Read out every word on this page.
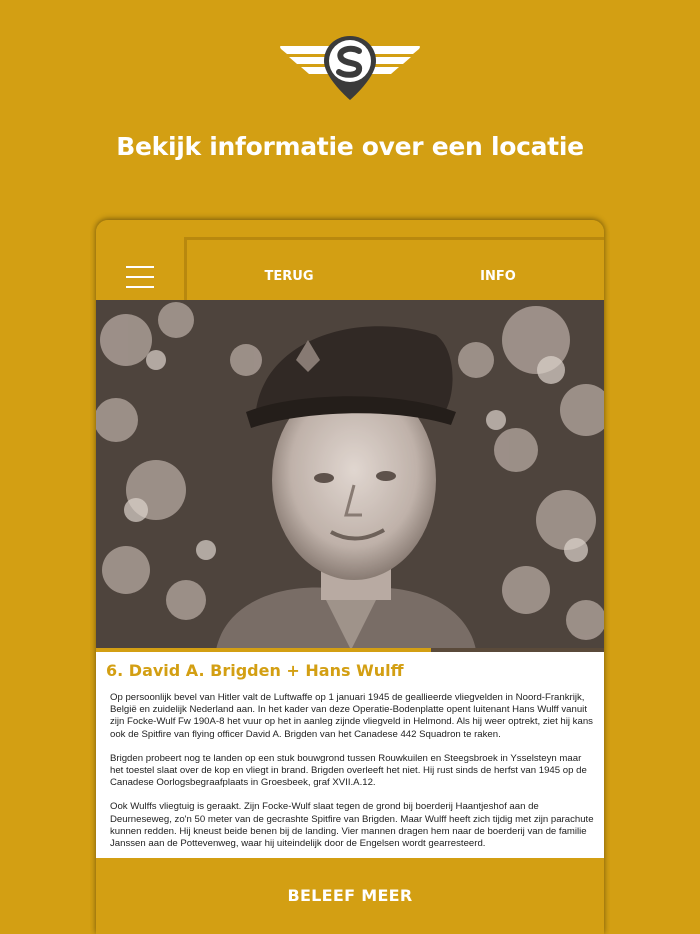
Bekijk informatie over een locatie
TERUG	INFO
6. David A. Brigden + Hans Wulff

Op persoonlijk bevel van Hitler valt de Luftwaffe op 1 januari 1945 de geallieerde vliegvelden in Noord-Frankrijk, België en zuidelijk Nederland aan. In het kader van deze Operatie-Bodenplatte opent luitenant Hans Wulff vanuit zijn Focke-Wulf Fw 190A-8 het vuur op het in aanleg zijnde vliegveld in Helmond. Als hij weer optrekt, ziet hij kans ook de Spitfire van flying officer David A. Brigden van het Canadese 442 Squadron te raken.

Brigden probeert nog te landen op een stuk bouwgrond tussen Rouwkuilen en Steegsbroek in Ysselsteyn maar het toestel slaat over de kop en vliegt in brand. Brigden overleeft het niet. Hij rust sinds de herfst van 1945 op de Canadese Oorlogsbegraafplaats in Groesbeek, graf XVII.A.12.

Ook Wulffs vliegtuig is geraakt. Zijn Focke-Wulf slaat tegen de grond bij boerderij Haantjeshof aan de Deurneseweg, zo'n 50 meter van de gecrashte Spitfire van Brigden. Maar Wulff heeft zich tijdig met zijn parachute kunnen redden. Hij kneust beide benen bij de landing. Vier mannen dragen hem naar de boerderij van de familie Janssen aan de Pottevenweg, waar hij uiteindelijk door de Engelsen wordt gearresteerd.

BELEEF MEER
